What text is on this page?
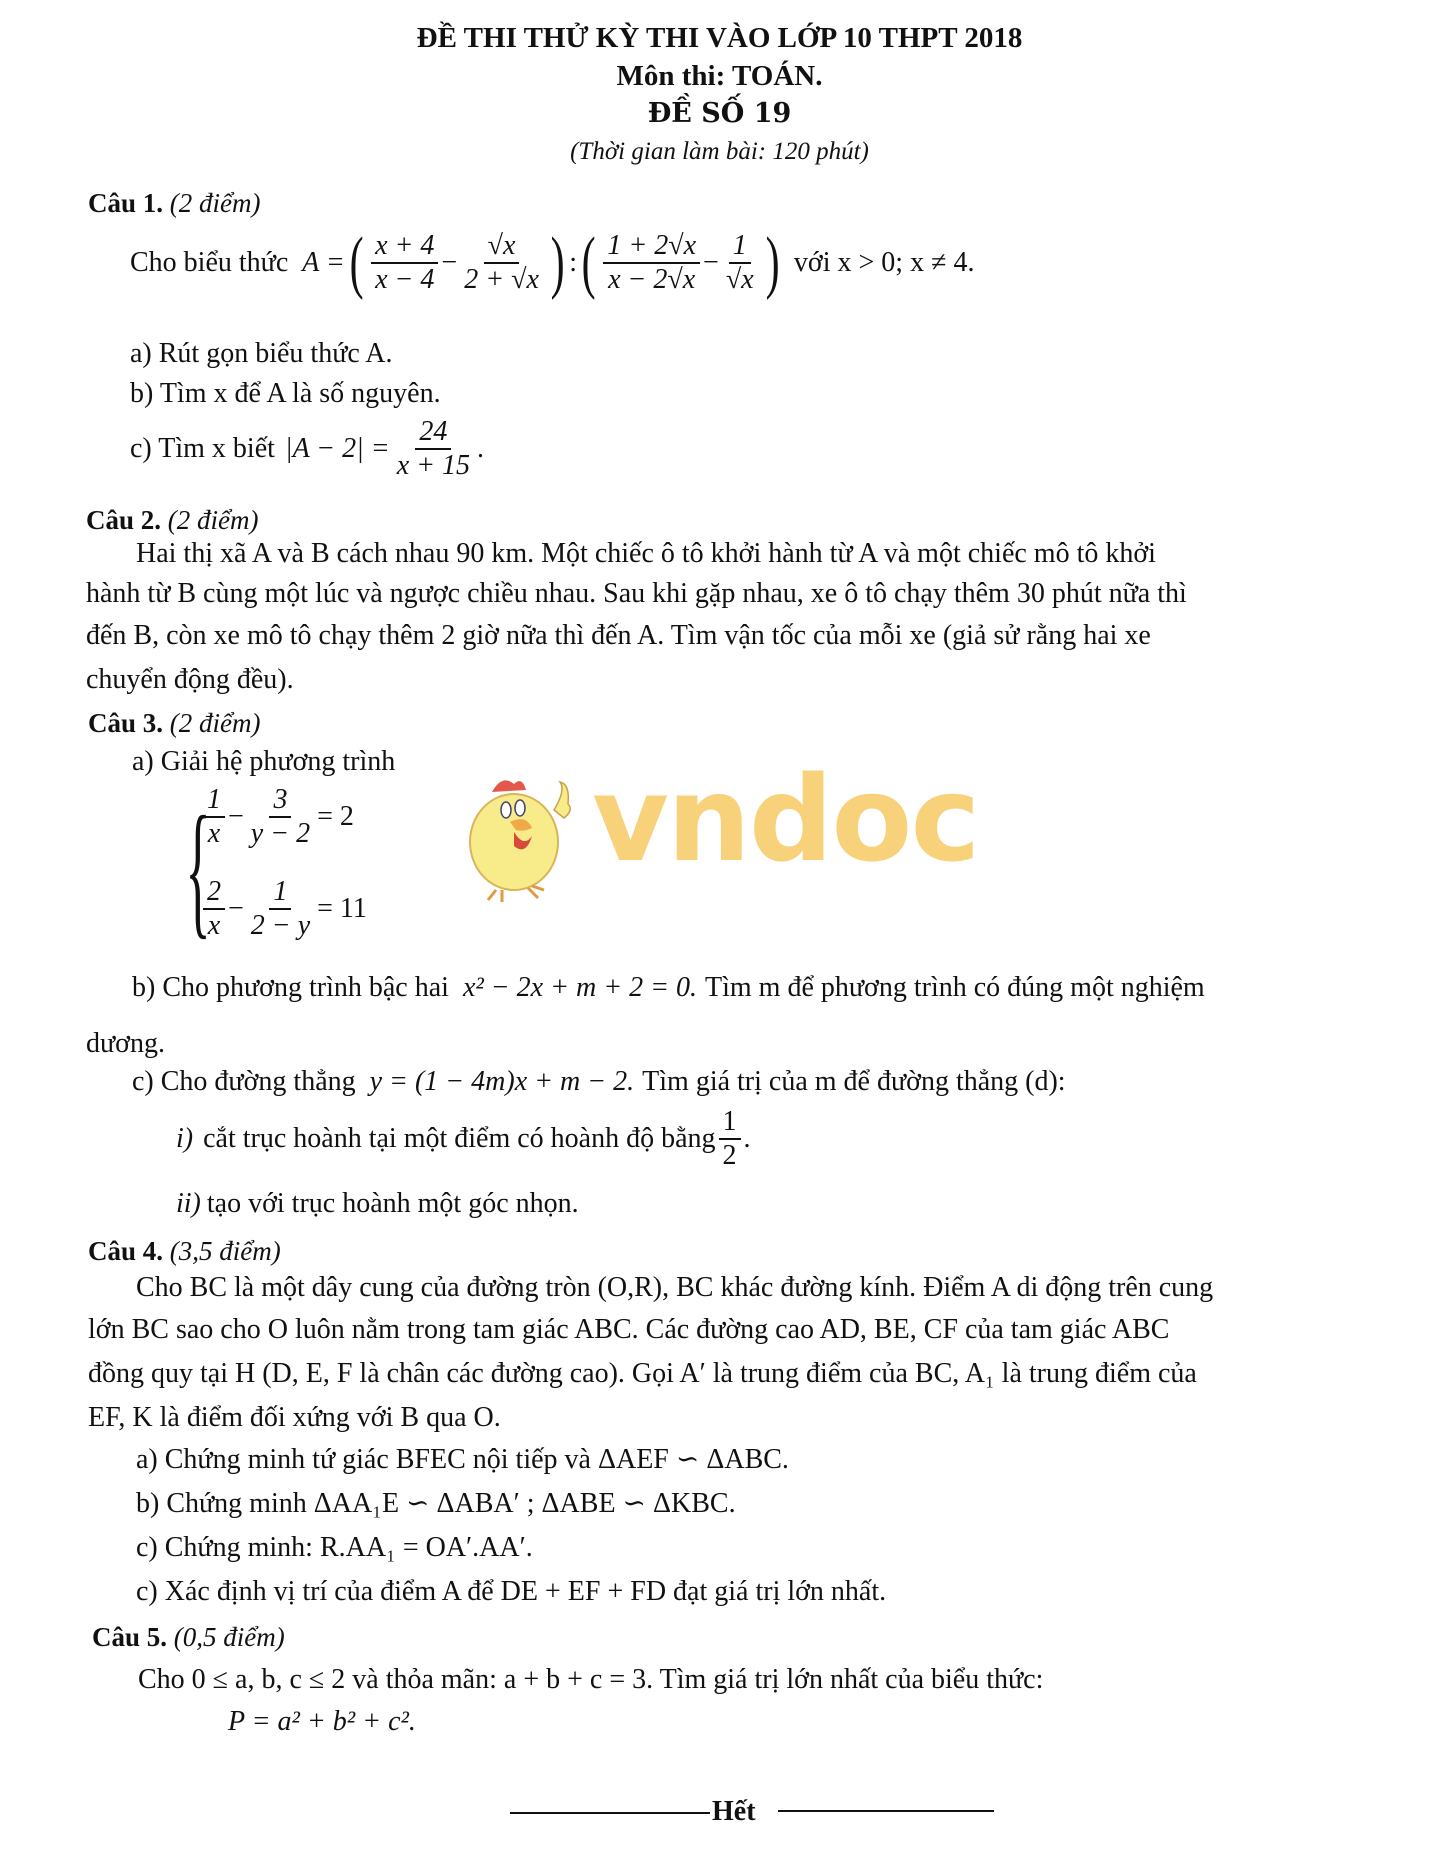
ĐỀ THI THỬ KỲ THI VÀO LỚP 10 THPT 2018
Môn thi: TOÁN.
ĐỀ SỐ 19
(Thời gian làm bài: 120 phút)
Câu 1. (2 điểm)
Cho biểu thức A = ( $\frac{x + 4}{x - 4} - \frac{√x}{2 + √x}$ ) : ( $\frac{1 + 2√x}{x - 2√x} - \frac{1}{√x}$ ) với x > 0; x ≠ 4.
a) Rút gọn biểu thức A.
b) Tìm x để A là số nguyên.
c) Tìm x biết $|A - 2| = \frac{24}{x + 15}$ .
Câu 2. (2 điểm)
Hai thị xã A và B cách nhau 90 km. Một chiếc ô tô khởi hành từ A và một chiếc mô tô khởi
hành từ B cùng một lúc và ngược chiều nhau. Sau khi gặp nhau, xe ô tô chạy thêm 30 phút nữa thì
đến B, còn xe mô tô chạy thêm 2 giờ nữa thì đến A. Tìm vận tốc của mỗi xe (giả sử rằng hai xe
chuyển động đều).
Câu 3. (2 điểm)
a) Giải hệ phương trình
{
$\frac{1}{x} - \frac{3}{y - 2} = 2$
$\frac{2}{x} - \frac{1}{2 - y} = 11$
vndoc
b) Cho phương trình bậc hai x² − 2x + m + 2 = 0. Tìm m để phương trình có đúng một nghiệm
dương.
c) Cho đường thẳng y = (1 − 4m)x + m − 2. Tìm giá trị của m để đường thẳng (d):
i) cắt trục hoành tại một điểm có hoành độ bằng $\frac{1}{2}$ .
ii) tạo với trục hoành một góc nhọn.
Câu 4. (3,5 điểm)
Cho BC là một dây cung của đường tròn (O,R), BC khác đường kính. Điểm A di động trên cung
lớn BC sao cho O luôn nằm trong tam giác ABC. Các đường cao AD, BE, CF của tam giác ABC
đồng quy tại H (D, E, F là chân các đường cao). Gọi A′ là trung điểm của BC, A₁ là trung điểm của
EF, K là điểm đối xứng với B qua O.
a) Chứng minh tứ giác BFEC nội tiếp và ΔAEF ∽ ΔABC.
b) Chứng minh ΔAA₁E ∽ ΔABA′ ; ΔABE ∽ ΔKBC.
c) Chứng minh: R.AA₁ = OA′.AA′.
c) Xác định vị trí của điểm A để DE + EF + FD đạt giá trị lớn nhất.
Câu 5. (0,5 điểm)
Cho 0 ≤ a, b, c ≤ 2 và thỏa mãn: a + b + c = 3. Tìm giá trị lớn nhất của biểu thức:
P = a² + b² + c².
Hết
